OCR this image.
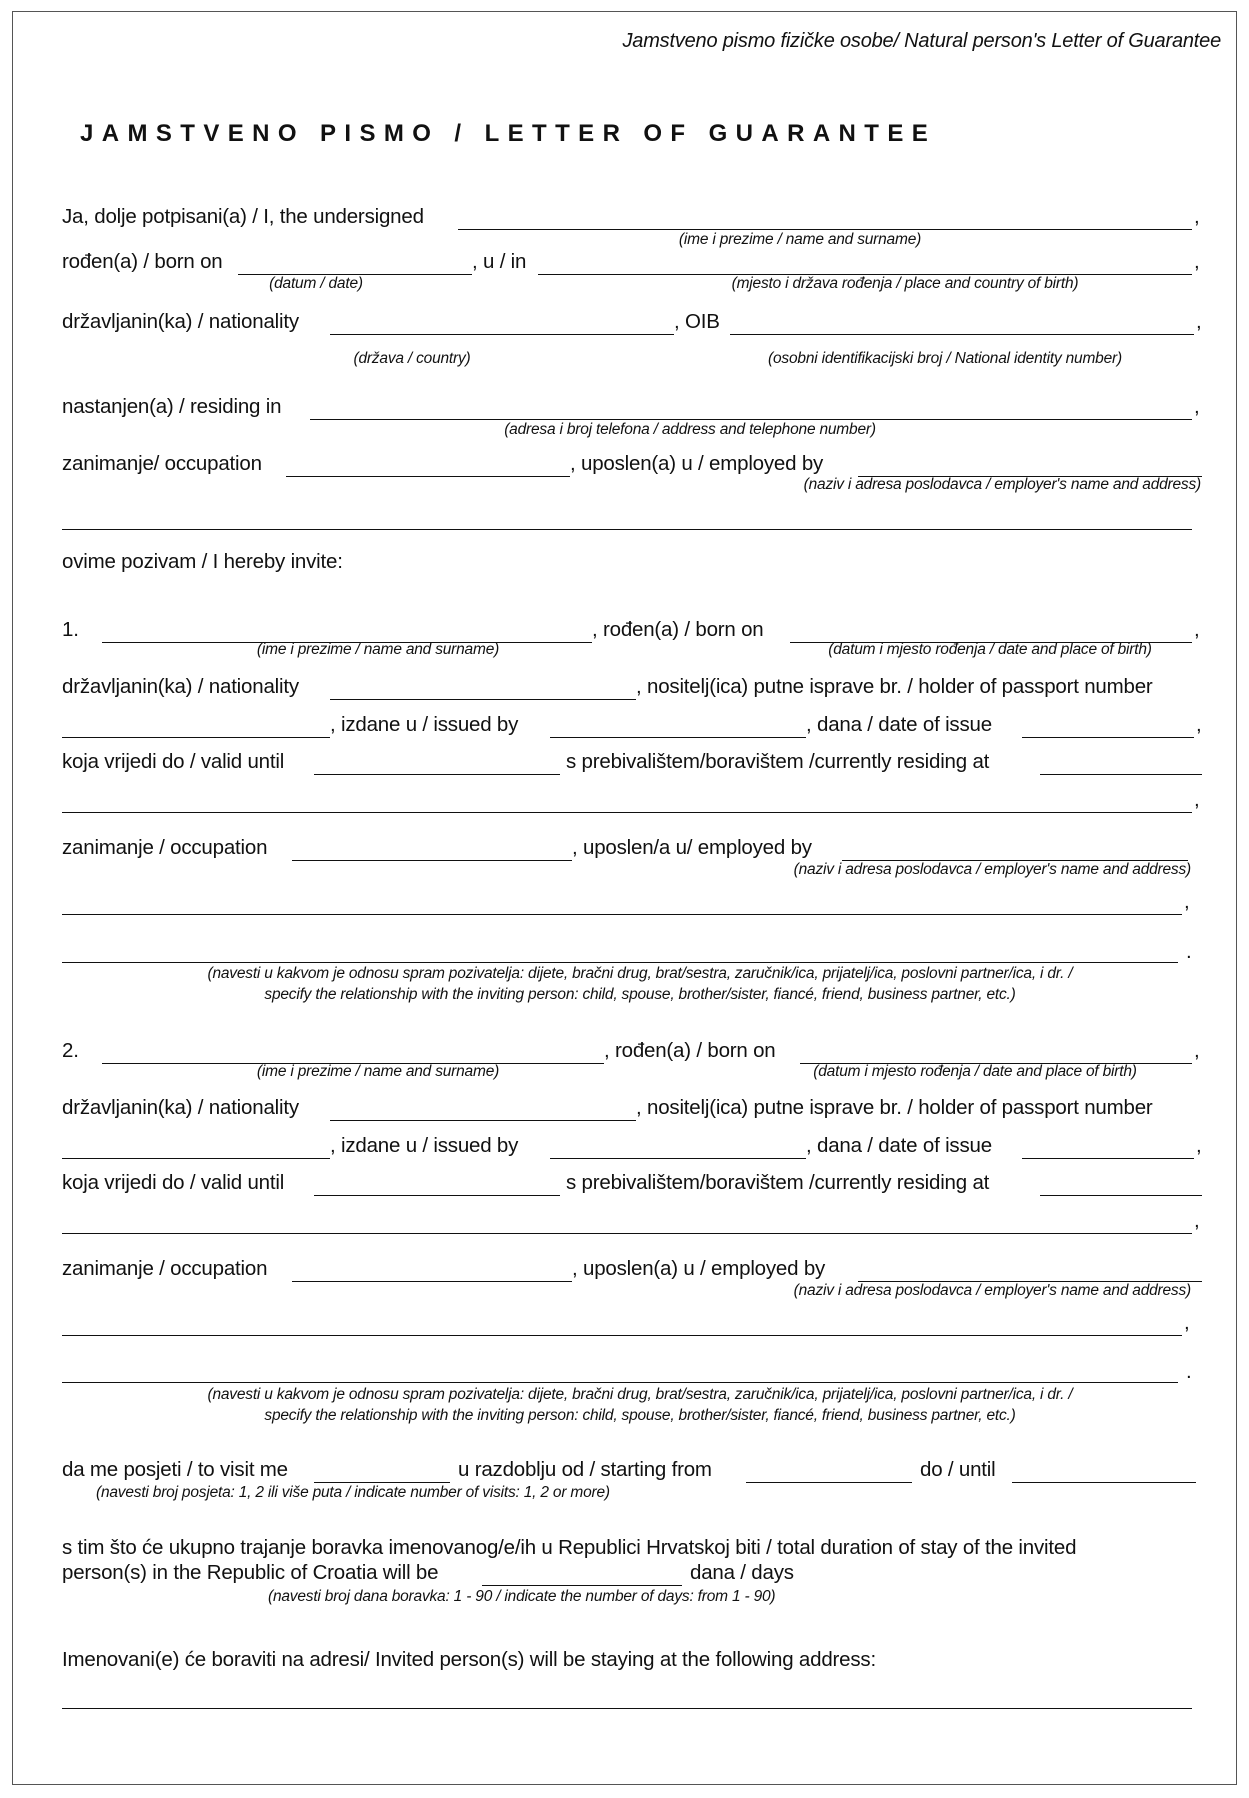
Jamstveno pismo fizičke osobe/ Natural person's Letter of Guarantee
JAMSTVENO PISMO / LETTER OF GUARANTEE
Ja, dolje potpisani(a) / I, the undersigned	,
(ime i prezime / name and surname)
rođen(a) / born on	, u / in	,
(datum / date)	(mjesto i država rođenja / place and country of birth)
državljanin(ka) / nationality	, OIB	,
(država / country)	(osobni identifikacijski broj / National identity number)
nastanjen(a) / residing in	,
(adresa i broj telefona / address and telephone number)
zanimanje/ occupation	, uposlen(a) u / employed by
(naziv i adresa poslodavca / employer's name and address)
ovime pozivam / I hereby invite:
1.	, rođen(a) / born on	,
(ime i prezime / name and surname)	(datum i mjesto rođenja / date and place of birth)
državljanin(ka) / nationality	, nositelj(ica) putne isprave br. / holder of passport number
, izdane u / issued by	, dana / date of issue	,
koja vrijedi do / valid until	s prebivalištem/boravištem /currently residing at
,
zanimanje / occupation	, uposlen/a u/ employed by
(naziv i adresa poslodavca / employer's name and address)
,
.
(navesti u kakvom je odnosu spram pozivatelja: dijete, bračni drug, brat/sestra, zaručnik/ica, prijatelj/ica, poslovni partner/ica, i dr. /
specify the relationship with the inviting person: child, spouse, brother/sister, fiancé, friend, business partner, etc.)
2.	, rođen(a) / born on	,
(ime i prezime / name and surname)	(datum i mjesto rođenja / date and place of birth)
državljanin(ka) / nationality	, nositelj(ica) putne isprave br. / holder of passport number
, izdane u / issued by	, dana / date of issue	,
koja vrijedi do / valid until	s prebivalištem/boravištem /currently residing at
,
zanimanje / occupation	, uposlen(a) u / employed by
(naziv i adresa poslodavca / employer's name and address)
,
.
(navesti u kakvom je odnosu spram pozivatelja: dijete, bračni drug, brat/sestra, zaručnik/ica, prijatelj/ica, poslovni partner/ica, i dr. /
specify the relationship with the inviting person: child, spouse, brother/sister, fiancé, friend, business partner, etc.)
da me posjeti / to visit me	u razdoblju od / starting from	do / until
(navesti broj posjeta: 1, 2 ili više puta / indicate number of visits: 1, 2 or more)
s tim što će ukupno trajanje boravka imenovanog/e/ih u Republici Hrvatskoj biti / total duration of stay of the invited
person(s) in the Republic of Croatia will be	dana / days
(navesti broj dana boravka: 1 - 90 / indicate the number of days: from 1 - 90)
Imenovani(e) će boraviti na adresi/ Invited person(s) will be staying at the following address:
